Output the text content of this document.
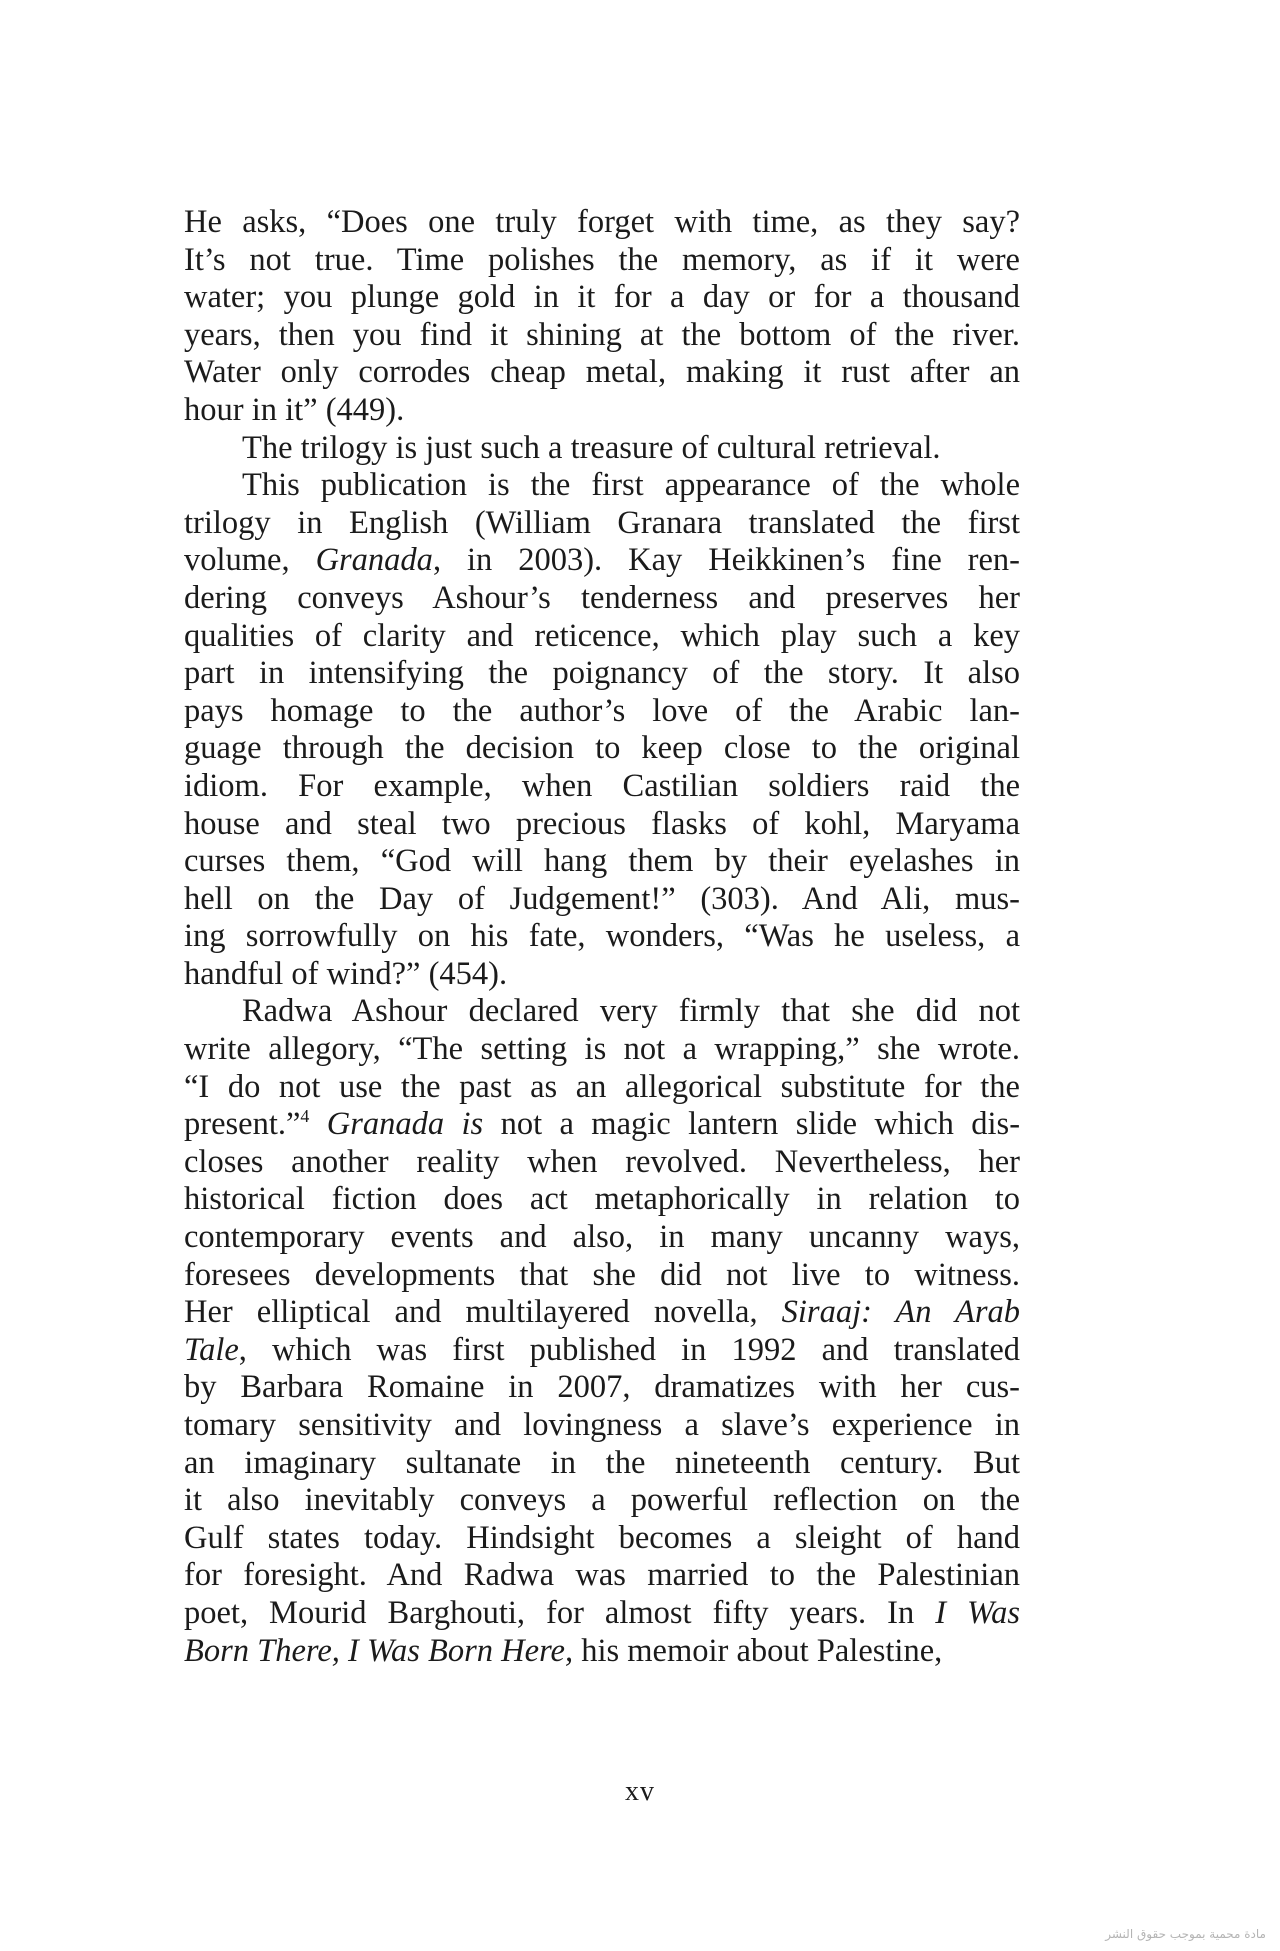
He asks, “Does one truly forget with time, as they say?
It’s not true. Time polishes the memory, as if it were
water; you plunge gold in it for a day or for a thousand
years, then you find it shining at the bottom of the river.
Water only corrodes cheap metal, making it rust after an
hour in it” (449).
The trilogy is just such a treasure of cultural retrieval.
This publication is the first appearance of the whole
trilogy in English (William Granara translated the first
volume, Granada, in 2003). Kay Heikkinen’s fine ren-
dering conveys Ashour’s tenderness and preserves her
qualities of clarity and reticence, which play such a key
part in intensifying the poignancy of the story. It also
pays homage to the author’s love of the Arabic lan-
guage through the decision to keep close to the original
idiom. For example, when Castilian soldiers raid the
house and steal two precious flasks of kohl, Maryama
curses them, “God will hang them by their eyelashes in
hell on the Day of Judgement!” (303). And Ali, mus-
ing sorrowfully on his fate, wonders, “Was he useless, a
handful of wind?” (454).
Radwa Ashour declared very firmly that she did not
write allegory, “The setting is not a wrapping,” she wrote.
“I do not use the past as an allegorical substitute for the
present.”$^4$ Granada is not a magic lantern slide which dis-
closes another reality when revolved. Nevertheless, her
historical fiction does act metaphorically in relation to
contemporary events and also, in many uncanny ways,
foresees developments that she did not live to witness.
Her elliptical and multilayered novella, Siraaj: An Arab
Tale, which was first published in 1992 and translated
by Barbara Romaine in 2007, dramatizes with her cus-
tomary sensitivity and lovingness a slave’s experience in
an imaginary sultanate in the nineteenth century. But
it also inevitably conveys a powerful reflection on the
Gulf states today. Hindsight becomes a sleight of hand
for foresight. And Radwa was married to the Palestinian
poet, Mourid Barghouti, for almost fifty years. In I Was
Born There, I Was Born Here, his memoir about Palestine,
xv
مادة محمية بموجب حقوق النشر
